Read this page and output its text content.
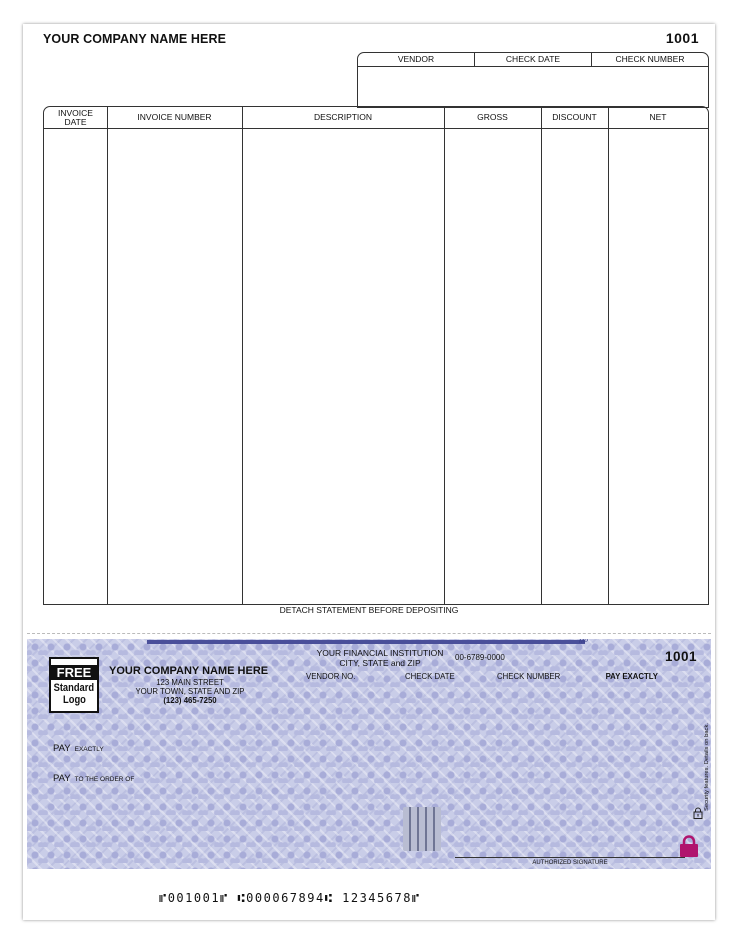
YOUR COMPANY NAME HERE	1001
VENDOR	CHECK DATE	CHECK NUMBER
INVOICE DATE	INVOICE NUMBER	DESCRIPTION	GROSS	DISCOUNT	NET
DETACH STATEMENT BEFORE DEPOSITING
MP
FREE
Standard
Logo
YOUR COMPANY NAME HERE
123 MAIN STREET
YOUR TOWN, STATE AND ZIP
(123) 465-7250
YOUR FINANCIAL INSTITUTION
CITY, STATE and ZIP	00-6789-0000	1001
VENDOR NO.	CHECK DATE	CHECK NUMBER	PAY EXACTLY
PAY EXACTLY
PAY TO THE ORDER OF	Security features. Details on back.
AUTHORIZED SIGNATURE
⑈001001⑈ ⑆000067894⑆ 12345678⑈
